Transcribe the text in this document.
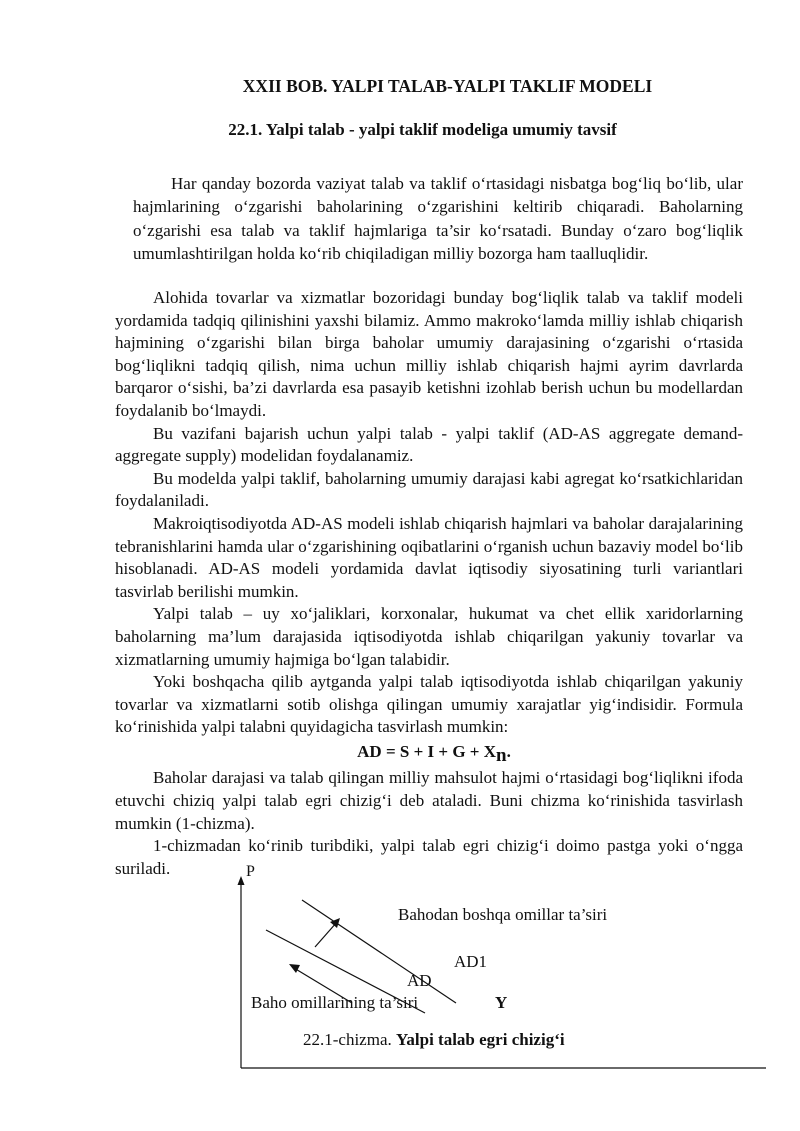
XXII BOB. YALPI TALAB-YALPI TAKLIF MODELI
22.1. Yalpi talab - yalpi taklif modeliga umumiy tavsif

Har qanday bozorda vaziyat talab va taklif o‘rtasidagi nisbatga bog‘liq bo‘lib, ular hajmlarining o‘zgarishi baholarining o‘zgarishini keltirib chiqaradi. Baholarning o‘zgarishi esa talab va taklif hajmlariga ta’sir ko‘rsatadi. Bunday o‘zaro bog‘liqlik umumlashtirilgan holda ko‘rib chiqiladigan milliy bozorga ham taalluqlidir.

Alohida tovarlar va xizmatlar bozoridagi bunday bog‘liqlik talab va taklif modeli yordamida tadqiq qilinishini yaxshi bilamiz. Ammo makroko‘lamda milliy ishlab chiqarish hajmining o‘zgarishi bilan birga baholar umumiy darajasining o‘zgarishi o‘rtasida bog‘liqlikni tadqiq qilish, nima uchun milliy ishlab chiqarish hajmi ayrim davrlarda barqaror o‘sishi, ba’zi davrlarda esa pasayib ketishni izohlab berish uchun bu modellardan foydalanib bo‘lmaydi.

Bu vazifani bajarish uchun yalpi talab - yalpi taklif (AD-AS aggregate demand- aggregate supply) modelidan foydalanamiz.

Bu modelda yalpi taklif, baholarning umumiy darajasi kabi agregat ko‘rsatkichlaridan foydalaniladi.

Makroiqtisodiyotda AD-AS modeli ishlab chiqarish hajmlari va baholar darajalarining tebranishlarini hamda ular o‘zgarishining oqibatlarini o‘rganish uchun bazaviy model bo‘lib hisoblanadi. AD-AS modeli yordamida davlat iqtisodiy siyosatining turli variantlari tasvirlab berilishi mumkin.

Yalpi talab – uy xo‘jaliklari, korxonalar, hukumat va chet ellik xaridorlarning baholarning ma’lum darajasida iqtisodiyotda ishlab chiqarilgan yakuniy tovarlar va xizmatlarning umumiy hajmiga bo‘lgan talabidir.

Yoki boshqacha qilib aytganda yalpi talab iqtisodiyotda ishlab chiqarilgan yakuniy tovarlar va xizmatlarni sotib olishga qilingan umumiy xarajatlar yig‘indisidir. Formula ko‘rinishida yalpi talabni quyidagicha tasvirlash mumkin:

AD = S + I + G + Xn.

Baholar darajasi va talab qilingan milliy mahsulot hajmi o‘rtasidagi bog‘liqlikni ifoda etuvchi chiziq yalpi talab egri chizig‘i deb ataladi. Buni chizma ko‘rinishida tasvirlash mumkin (1-chizma).

1-chizmadan ko‘rinib turibdiki, yalpi talab egri chizig‘i doimo pastga yoki o‘ngga suriladi.	P
Bahodan boshqa omillar ta’siri
AD1
AD
Baho omillarining ta’siri	Y
22.1-chizma. Yalpi talab egri chizig‘i
